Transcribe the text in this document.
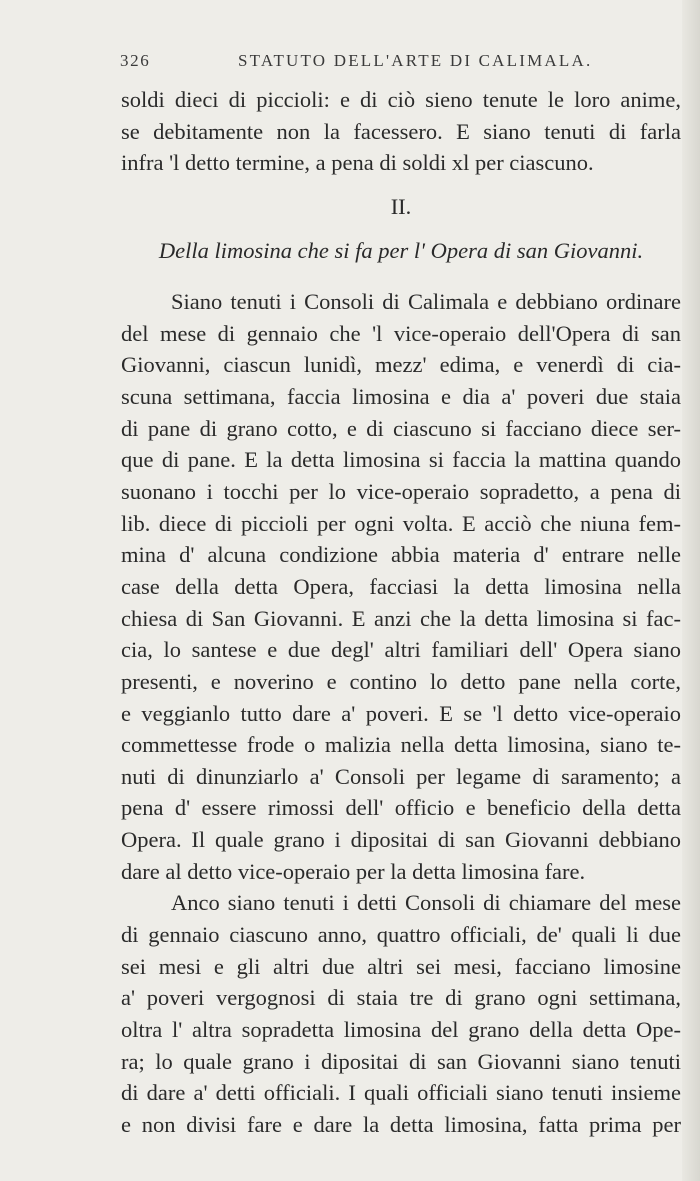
326	STATUTO DELL'ARTE DI CALIMALA.
soldi dieci di piccioli: e di ciò sieno tenute le loro anime,
se debitamente non la facessero. E siano tenuti di farla
infra 'l detto termine, a pena di soldi xl per ciascuno.
II.
Della limosina che si fa per l' Opera di san Giovanni.
Siano tenuti i Consoli di Calimala e debbiano ordinare
del mese di gennaio che 'l vice-operaio dell'Opera di san
Giovanni, ciascun lunidì, mezz' edima, e venerdì di cia-
scuna settimana, faccia limosina e dia a' poveri due staia
di pane di grano cotto, e di ciascuno si facciano diece ser-
que di pane. E la detta limosina si faccia la mattina quando
suonano i tocchi per lo vice-operaio sopradetto, a pena di
lib. diece di piccioli per ogni volta. E acciò che niuna fem-
mina d' alcuna condizione abbia materia d' entrare nelle
case della detta Opera, facciasi la detta limosina nella
chiesa di San Giovanni. E anzi che la detta limosina si fac-
cia, lo santese e due degl' altri familiari dell' Opera siano
presenti, e noverino e contino lo detto pane nella corte,
e veggianlo tutto dare a' poveri. E se 'l detto vice-operaio
commettesse frode o malizia nella detta limosina, siano te-
nuti di dinunziarlo a' Consoli per legame di saramento; a
pena d' essere rimossi dell' officio e beneficio della detta
Opera. Il quale grano i dipositai di san Giovanni debbiano
dare al detto vice-operaio per la detta limosina fare.
Anco siano tenuti i detti Consoli di chiamare del mese
di gennaio ciascuno anno, quattro officiali, de' quali li due
sei mesi e gli altri due altri sei mesi, facciano limosine
a' poveri vergognosi di staia tre di grano ogni settimana,
oltra l' altra sopradetta limosina del grano della detta Ope-
ra; lo quale grano i dipositai di san Giovanni siano tenuti
di dare a' detti officiali. I quali officiali siano tenuti insieme
e non divisi fare e dare la detta limosina, fatta prima per
